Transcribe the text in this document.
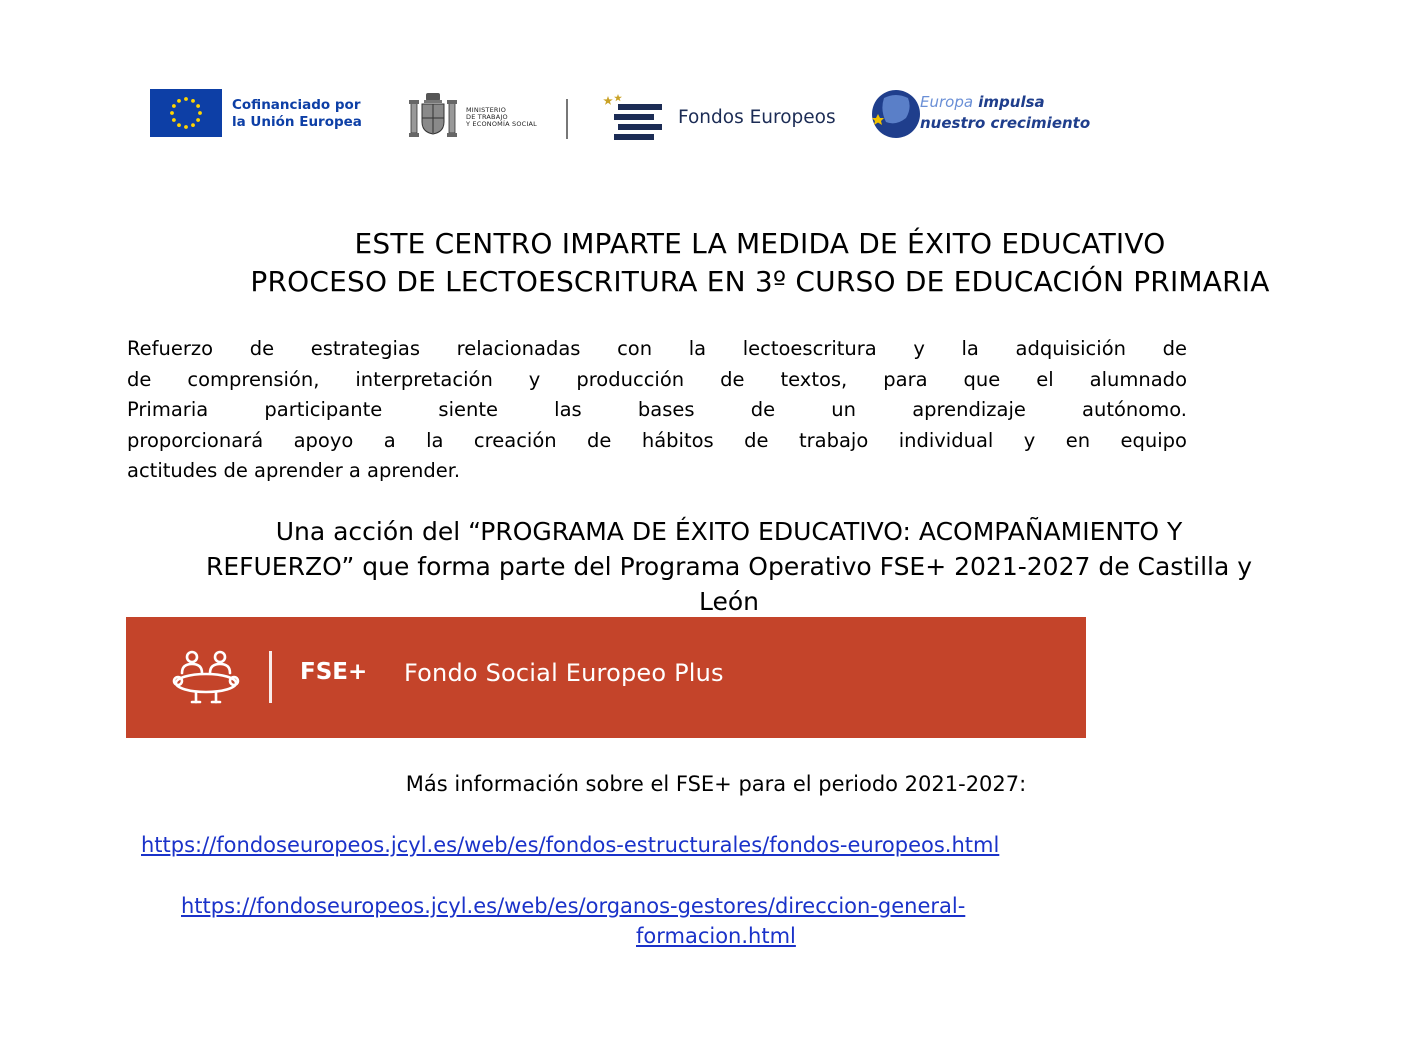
Cofinanciado por
la Unión Europea
MINISTERIO
DE TRABAJO
Y ECONOMÍA SOCIAL	Fondos Europeos
Europa impulsa
nuestro crecimiento
ESTE CENTRO IMPARTE LA MEDIDA DE ÉXITO EDUCATIVO
PROCESO DE LECTOESCRITURA EN 3º CURSO DE EDUCACIÓN PRIMARIA
Refuerzo de estrategias relacionadas con la lectoescritura y la adquisición de
de comprensión, interpretación y producción de textos, para que el alumnado
Primaria participante siente las bases de un aprendizaje autónomo.
proporcionará apoyo a la creación de hábitos de trabajo individual y en equipo
actitudes de aprender a aprender.
Una acción del “PROGRAMA DE ÉXITO EDUCATIVO: ACOMPAÑAMIENTO Y
REFUERZO” que forma parte del Programa Operativo FSE+ 2021-2027 de Castilla y
León
FSE+ Fondo Social Europeo Plus
Más información sobre el FSE+ para el periodo 2021-2027:
https://fondoseuropeos.jcyl.es/web/es/fondos-estructurales/fondos-europeos.html
https://fondoseuropeos.jcyl.es/web/es/organos-gestores/direccion-general-
formacion.html
